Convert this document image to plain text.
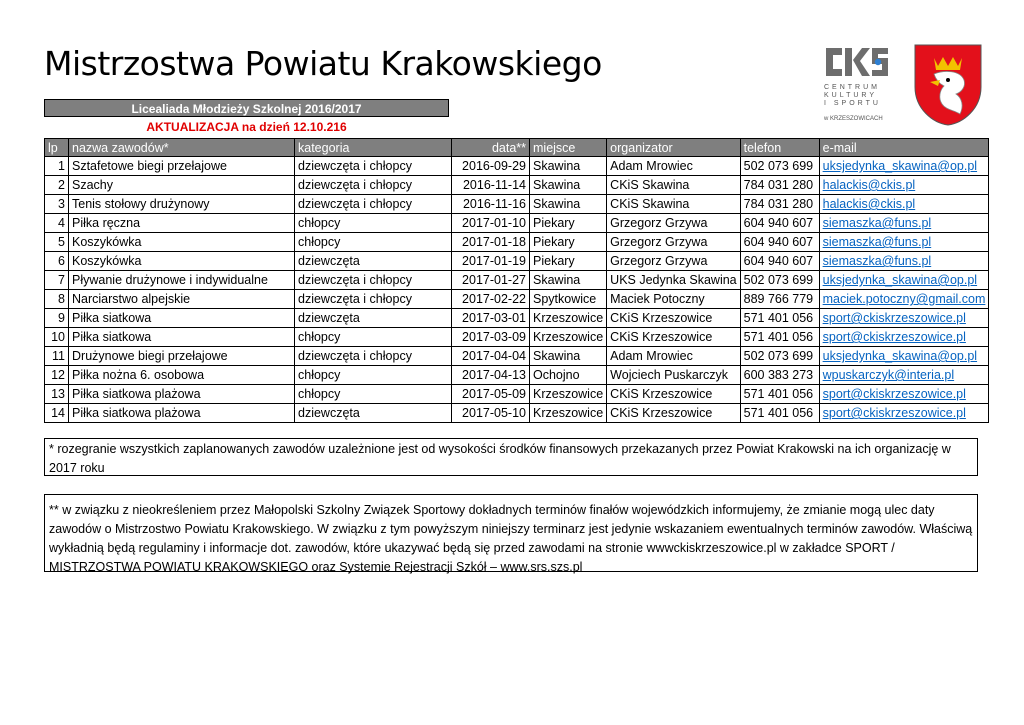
Mistrzostwa Powiatu Krakowskiego
CENTRUM
KULTURY
I SPORTU
w KRZESZOWICACH
Licealiada Młodzieży Szkolnej 2016/2017
AKTUALIZACJA na dzień 12.10.216
lp	nazwa zawodów*	kategoria	data**	miejsce	organizator	telefon	e-mail
1	Sztafetowe biegi przełajowe	dziewczęta i chłopcy	2016-09-29	Skawina	Adam Mrowiec	502 073 699	uksjedynka_skawina@op.pl
2	Szachy	dziewczęta i chłopcy	2016-11-14	Skawina	CKiS Skawina	784 031 280	halackis@ckis.pl
3	Tenis stołowy drużynowy	dziewczęta i chłopcy	2016-11-16	Skawina	CKiS Skawina	784 031 280	halackis@ckis.pl
4	Piłka ręczna	chłopcy	2017-01-10	Piekary	Grzegorz Grzywa	604 940 607	siemaszka@funs.pl
5	Koszykówka	chłopcy	2017-01-18	Piekary	Grzegorz Grzywa	604 940 607	siemaszka@funs.pl
6	Koszykówka	dziewczęta	2017-01-19	Piekary	Grzegorz Grzywa	604 940 607	siemaszka@funs.pl
7	Pływanie drużynowe i indywidualne	dziewczęta i chłopcy	2017-01-27	Skawina	UKS Jedynka Skawina	502 073 699	uksjedynka_skawina@op.pl
8	Narciarstwo alpejskie	dziewczęta i chłopcy	2017-02-22	Spytkowice	Maciek Potoczny	889 766 779	maciek.potoczny@gmail.com
9	Piłka siatkowa	dziewczęta	2017-03-01	Krzeszowice	CKiS Krzeszowice	571 401 056	sport@ckiskrzeszowice.pl
10	Piłka siatkowa	chłopcy	2017-03-09	Krzeszowice	CKiS Krzeszowice	571 401 056	sport@ckiskrzeszowice.pl
11	Drużynowe biegi przełajowe	dziewczęta i chłopcy	2017-04-04	Skawina	Adam Mrowiec	502 073 699	uksjedynka_skawina@op.pl
12	Piłka nożna 6. osobowa	chłopcy	2017-04-13	Ochojno	Wojciech Puskarczyk	600 383 273	wpuskarczyk@interia.pl
13	Piłka siatkowa plażowa	chłopcy	2017-05-09	Krzeszowice	CKiS Krzeszowice	571 401 056	sport@ckiskrzeszowice.pl
14	Piłka siatkowa plażowa	dziewczęta	2017-05-10	Krzeszowice	CKiS Krzeszowice	571 401 056	sport@ckiskrzeszowice.pl
* rozegranie wszystkich zaplanowanych zawodów uzależnione jest od wysokości środków finansowych przekazanych przez Powiat Krakowski na ich organizację w 2017 roku
** w związku z nieokreśleniem przez Małopolski Szkolny Związek Sportowy dokładnych terminów finałów wojewódzkich informujemy, że zmianie mogą ulec daty zawodów o Mistrzostwo Powiatu Krakowskiego. W związku z tym powyższym niniejszy terminarz jest jedynie wskazaniem ewentualnych terminów zawodów. Właściwą wykładnią będą regulaminy i informacje dot. zawodów, które ukazywać będą się przed zawodami na stronie wwwckiskrzeszowice.pl w zakładce SPORT / MISTRZOSTWA POWIATU KRAKOWSKIEGO oraz Systemie Rejestracji Szkół – www.srs.szs.pl
